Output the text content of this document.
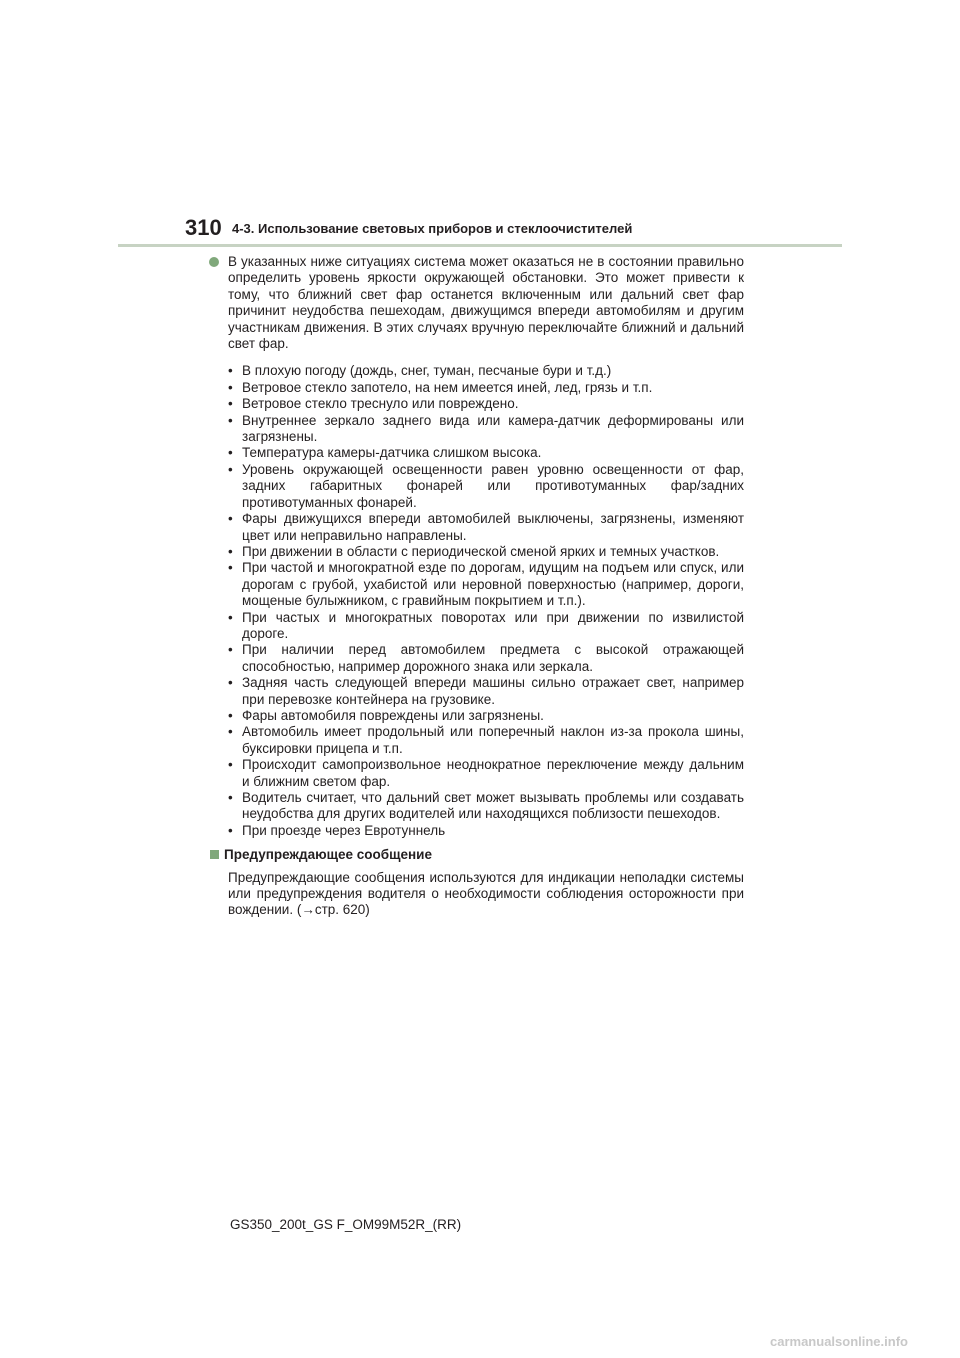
310 4-3. Использование световых приборов и стеклоочистителей
В указанных ниже ситуациях система может оказаться не в состоянии правильно определить уровень яркости окружающей обстановки. Это может привести к тому, что ближний свет фар останется включенным или дальний свет фар причинит неудобства пешеходам, движущимся впереди автомобилям и другим участникам движения. В этих случаях вручную переключайте ближний и дальний свет фар.
• В плохую погоду (дождь, снег, туман, песчаные бури и т.д.)
• Ветровое стекло запотело, на нем имеется иней, лед, грязь и т.п.
• Ветровое стекло треснуло или повреждено.
• Внутреннее зеркало заднего вида или камера-датчик деформированы или загрязнены.
• Температура камеры-датчика слишком высока.
• Уровень окружающей освещенности равен уровню освещенности от фар, задних габаритных фонарей или противотуманных фар/задних противотуманных фонарей.
• Фары движущихся впереди автомобилей выключены, загрязнены, изменяют цвет или неправильно направлены.
• При движении в области с периодической сменой ярких и темных участков.
• При частой и многократной езде по дорогам, идущим на подъем или спуск, или дорогам с грубой, ухабистой или неровной поверхностью (например, дороги, мощеные булыжником, с гравийным покрытием и т.п.).
• При частых и многократных поворотах или при движении по извилистой дороге.
• При наличии перед автомобилем предмета с высокой отражающей способностью, например дорожного знака или зеркала.
• Задняя часть следующей впереди машины сильно отражает свет, например при перевозке контейнера на грузовике.
• Фары автомобиля повреждены или загрязнены.
• Автомобиль имеет продольный или поперечный наклон из-за прокола шины, буксировки прицепа и т.п.
• Происходит самопроизвольное неоднократное переключение между дальним и ближним светом фар.
• Водитель считает, что дальний свет может вызывать проблемы или создавать неудобства для других водителей или находящихся поблизости пешеходов.
• При проезде через Евротуннель
Предупреждающее сообщение
Предупреждающие сообщения используются для индикации неполадки системы или предупреждения водителя о необходимости соблюдения осторожности при вождении. (→стр. 620)
GS350_200t_GS F_OM99M52R_(RR)
carmanualsonline.info
